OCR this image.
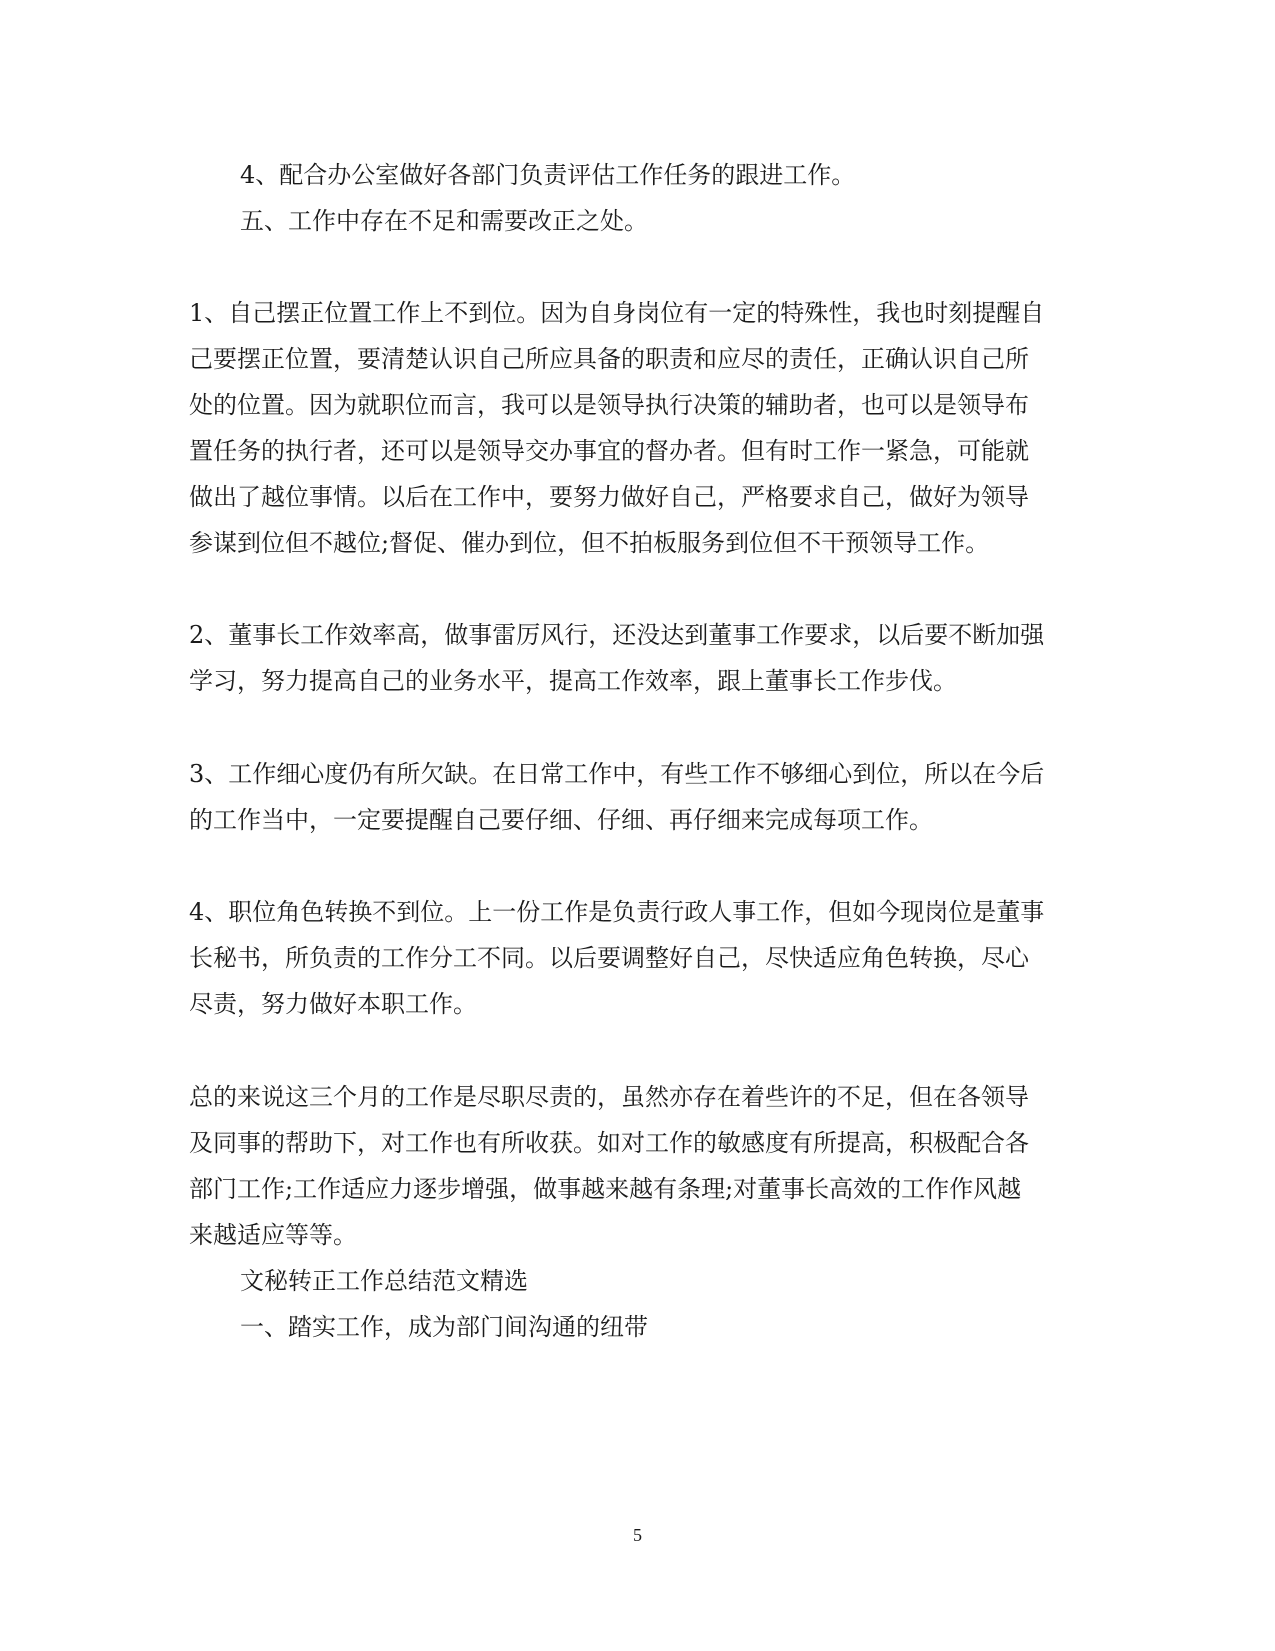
4、配合办公室做好各部门负责评估工作任务的跟进工作。
五、工作中存在不足和需要改正之处。
1、自己摆正位置工作上不到位。因为自身岗位有一定的特殊性，我也时刻提醒自
己要摆正位置，要清楚认识自己所应具备的职责和应尽的责任，正确认识自己所
处的位置。因为就职位而言，我可以是领导执行决策的辅助者，也可以是领导布
置任务的执行者，还可以是领导交办事宜的督办者。但有时工作一紧急，可能就
做出了越位事情。以后在工作中，要努力做好自己，严格要求自己，做好为领导
参谋到位但不越位;督促、催办到位，但不拍板服务到位但不干预领导工作。
2、董事长工作效率高，做事雷厉风行，还没达到董事工作要求，以后要不断加强
学习，努力提高自己的业务水平，提高工作效率，跟上董事长工作步伐。
3、工作细心度仍有所欠缺。在日常工作中，有些工作不够细心到位，所以在今后
的工作当中，一定要提醒自己要仔细、仔细、再仔细来完成每项工作。
4、职位角色转换不到位。上一份工作是负责行政人事工作，但如今现岗位是董事
长秘书，所负责的工作分工不同。以后要调整好自己，尽快适应角色转换，尽心
尽责，努力做好本职工作。
总的来说这三个月的工作是尽职尽责的，虽然亦存在着些许的不足，但在各领导
及同事的帮助下，对工作也有所收获。如对工作的敏感度有所提高，积极配合各
部门工作;工作适应力逐步增强，做事越来越有条理;对董事长高效的工作作风越
来越适应等等。
文秘转正工作总结范文精选
一、踏实工作，成为部门间沟通的纽带
5
